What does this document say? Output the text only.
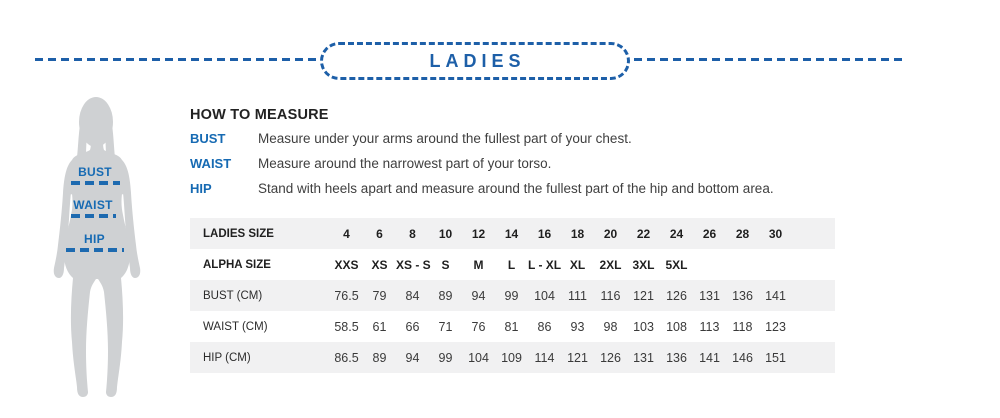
LADIES
BUST
WAIST
HIP
HOW TO MEASURE
BUST	Measure under your arms around the fullest part of your chest.
WAIST	Measure around the narrowest part of your torso.
HIP	Stand with heels apart and measure around the fullest part of the hip and bottom area.
LADIES SIZE	4	6	8	10	12	14	16	18	20	22	24	26	28	30	
ALPHA SIZE	XXS	XS	XS - S	S	M	L	L - XL	XL	2XL	3XL	5XL				
BUST (CM)	76.5	79	84	89	94	99	104	111	116	121	126	131	136	141	
WAIST (CM)	58.5	61	66	71	76	81	86	93	98	103	108	113	118	123	
HIP (CM)	86.5	89	94	99	104	109	114	121	126	131	136	141	146	151	
